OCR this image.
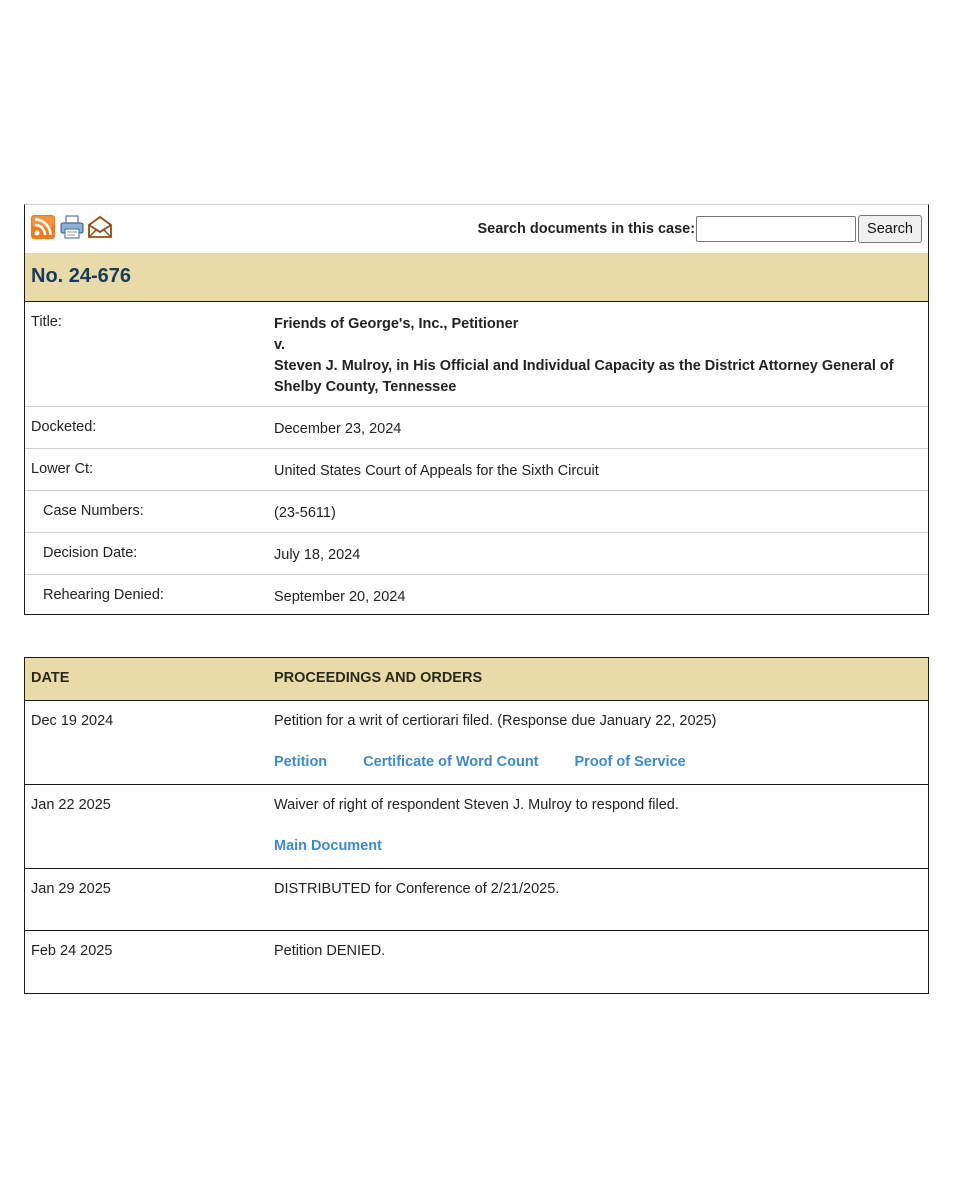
Search documents in this case:	Search
No. 24-676
Title:	Friends of George's, Inc., Petitioner
v.
Steven J. Mulroy, in His Official and Individual Capacity as the District Attorney General of Shelby County, Tennessee
Docketed:	December 23, 2024
Lower Ct:	United States Court of Appeals for the Sixth Circuit
Case Numbers:	(23-5611)
Decision Date:	July 18, 2024
Rehearing Denied:	September 20, 2024
DATE	PROCEEDINGS AND ORDERS
Dec 19 2024	Petition for a writ of certiorari filed. (Response due January 22, 2025)
Petition Certificate of Word Count Proof of Service
Jan 22 2025	Waiver of right of respondent Steven J. Mulroy to respond filed.
Main Document
Jan 29 2025	DISTRIBUTED for Conference of 2/21/2025.
Feb 24 2025	Petition DENIED.
